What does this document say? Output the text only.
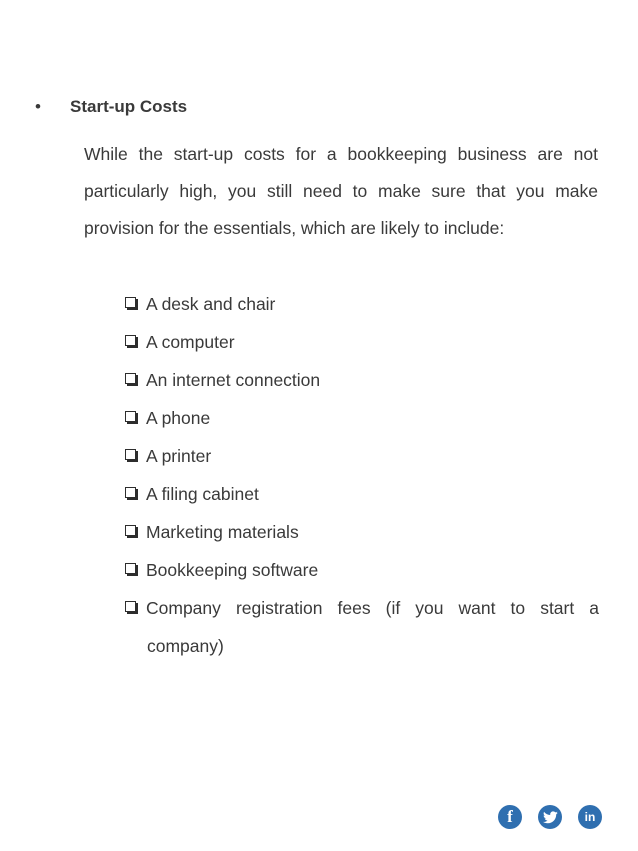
• Start-up Costs

While the start-up costs for a bookkeeping business are not particularly high, you still need to make sure that you make provision for the essentials, which are likely to include:

A desk and chair
A computer
An internet connection
A phone
A printer
A filing cabinet
Marketing materials
Bookkeeping software
Company registration fees (if you want to start a
company)
f	in
